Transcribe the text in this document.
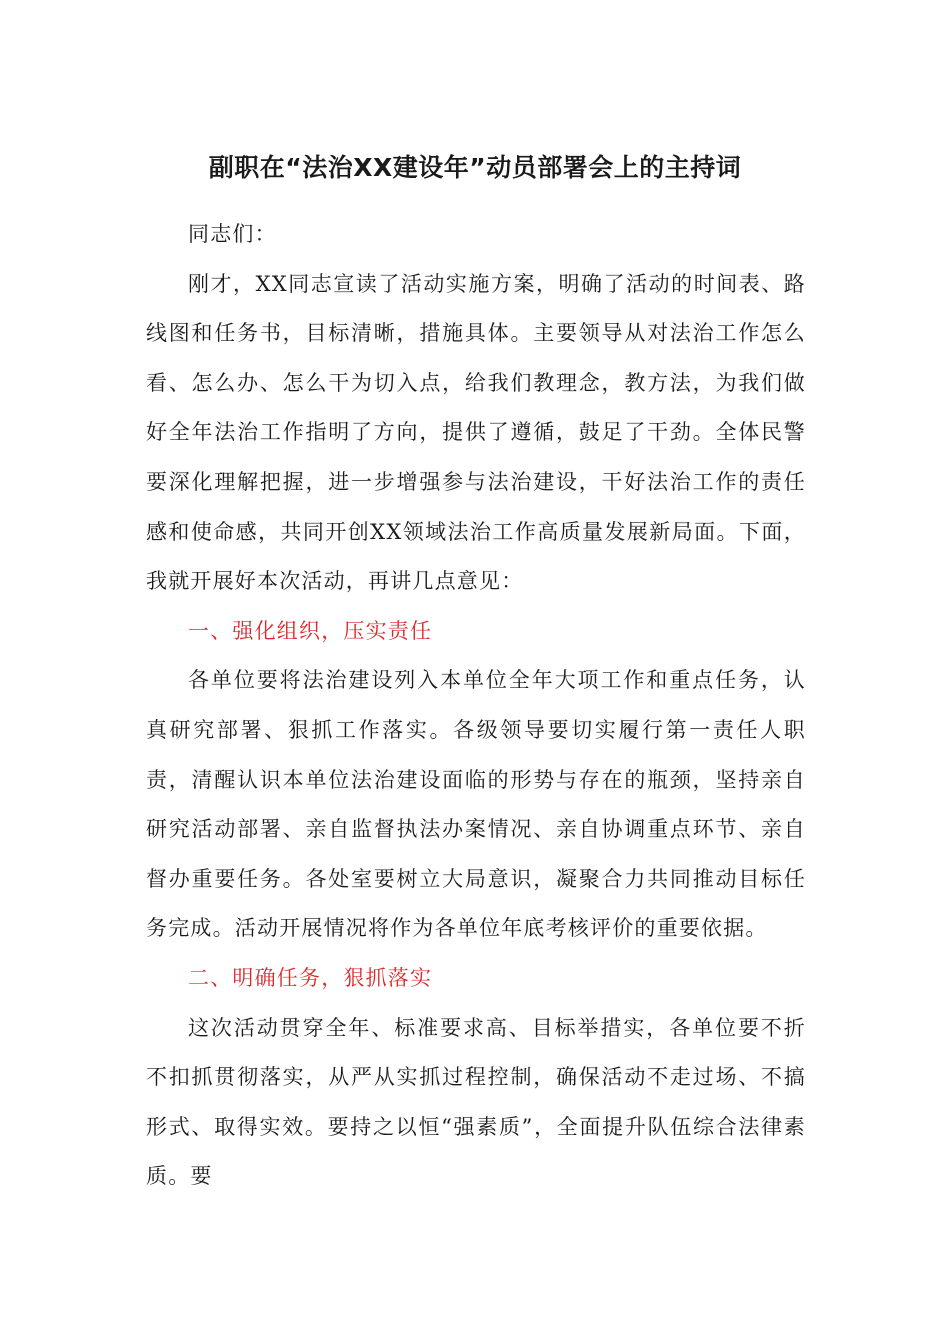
副职在“法治XX建设年”动员部署会上的主持词

同志们：

刚才，XX同志宣读了活动实施方案，明确了活动的时间表、路线图和任务书，目标清晰，措施具体。主要领导从对法治工作怎么看、怎么办、怎么干为切入点，给我们教理念，教方法，为我们做好全年法治工作指明了方向，提供了遵循，鼓足了干劲。全体民警要深化理解把握，进一步增强参与法治建设，干好法治工作的责任感和使命感，共同开创XX领域法治工作高质量发展新局面。下面，我就开展好本次活动，再讲几点意见：

一、强化组织，压实责任

各单位要将法治建设列入本单位全年大项工作和重点任务，认真研究部署、狠抓工作落实。各级领导要切实履行第一责任人职责，清醒认识本单位法治建设面临的形势与存在的瓶颈，坚持亲自研究活动部署、亲自监督执法办案情况、亲自协调重点环节、亲自督办重要任务。各处室要树立大局意识，凝聚合力共同推动目标任务完成。活动开展情况将作为各单位年底考核评价的重要依据。

二、明确任务，狠抓落实

这次活动贯穿全年、标准要求高、目标举措实，各单位要不折不扣抓贯彻落实，从严从实抓过程控制，确保活动不走过场、不搞形式、取得实效。要持之以恒“强素质”，全面提升队伍综合法律素质。要
